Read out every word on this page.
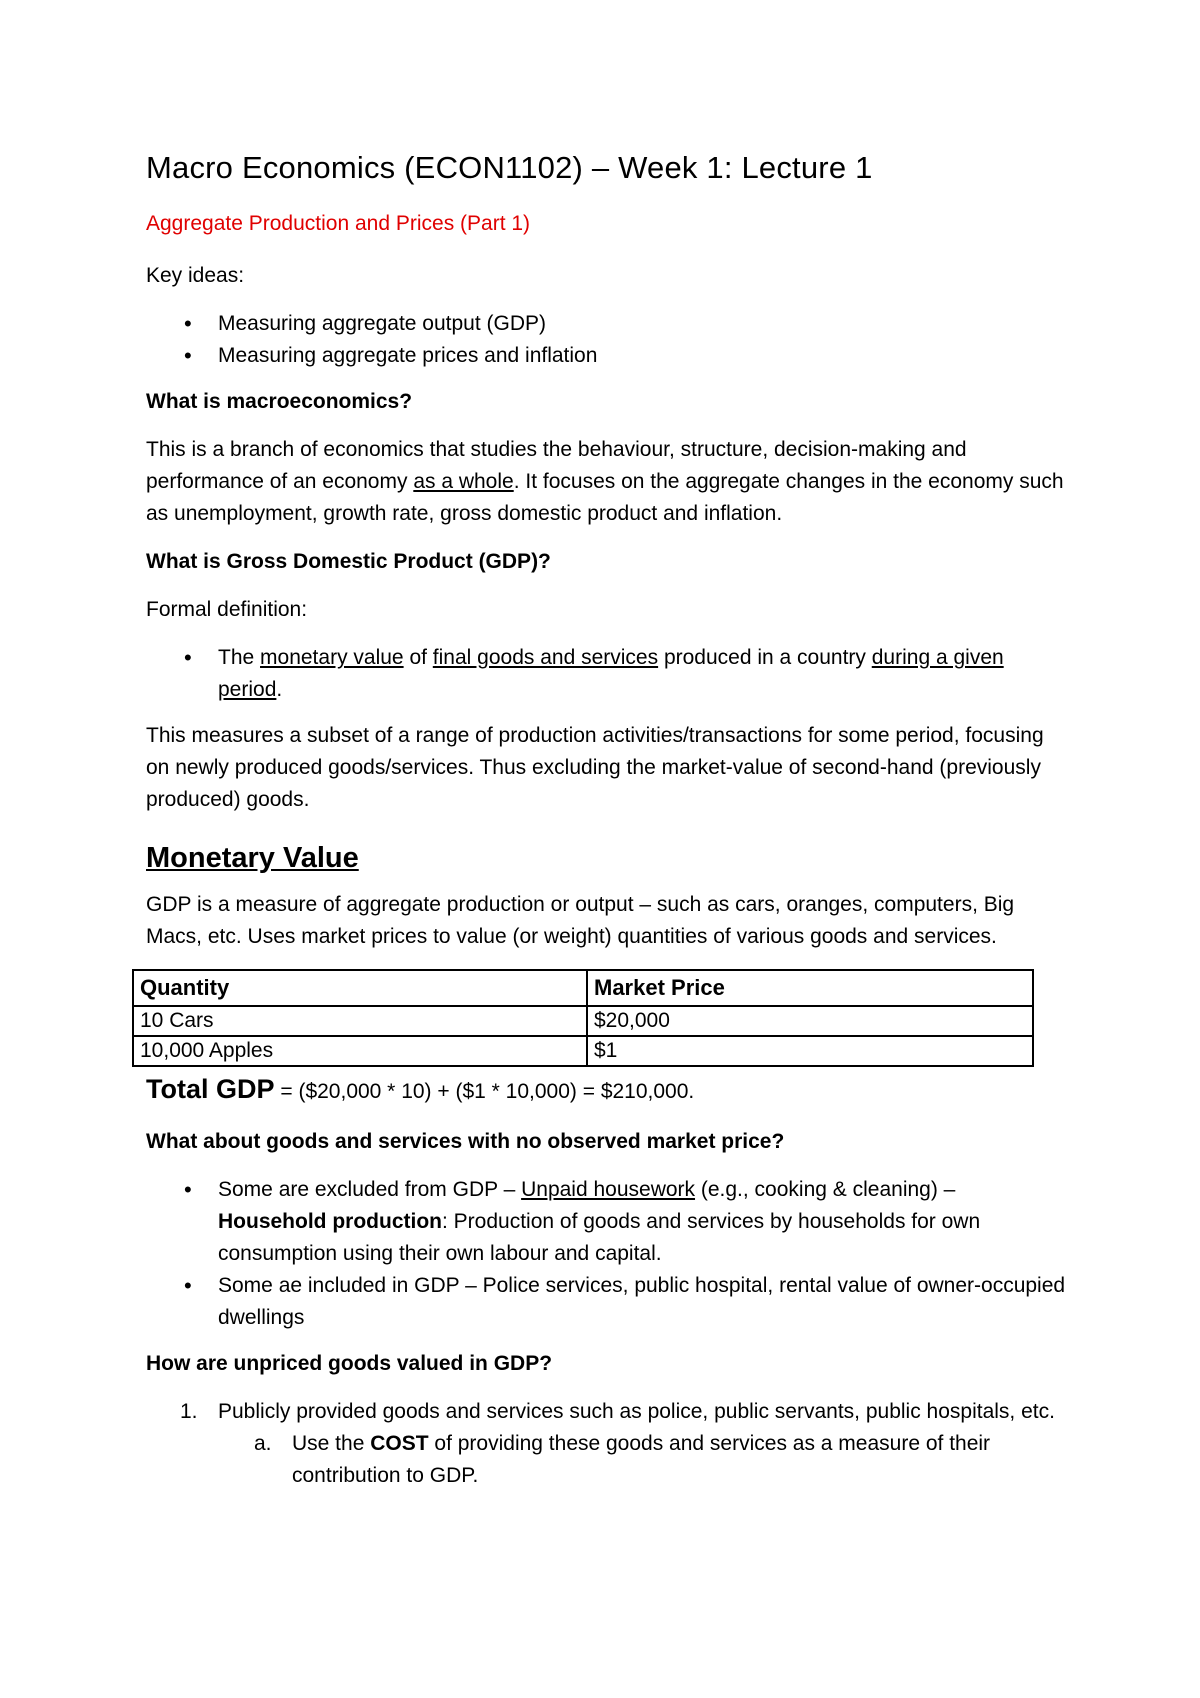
Macro Economics (ECON1102) – Week 1: Lecture 1

Aggregate Production and Prices (Part 1)

Key ideas:

• Measuring aggregate output (GDP)
• Measuring aggregate prices and inflation

What is macroeconomics?

This is a branch of economics that studies the behaviour, structure, decision-making and performance of an economy as a whole. It focuses on the aggregate changes in the economy such as unemployment, growth rate, gross domestic product and inflation.

What is Gross Domestic Product (GDP)?

Formal definition:

• The monetary value of final goods and services produced in a country during a given period.

This measures a subset of a range of production activities/transactions for some period, focusing on newly produced goods/services. Thus excluding the market-value of second-hand (previously produced) goods.

Monetary Value

GDP is a measure of aggregate production or output – such as cars, oranges, computers, Big Macs, etc. Uses market prices to value (or weight) quantities of various goods and services.

Quantity	Market Price
10 Cars	$20,000
10,000 Apples	$1

Total GDP = ($20,000 * 10) + ($1 * 10,000) = $210,000.

What about goods and services with no observed market price?

• Some are excluded from GDP – Unpaid housework (e.g., cooking & cleaning) – Household production: Production of goods and services by households for own consumption using their own labour and capital.
• Some ae included in GDP – Police services, public hospital, rental value of owner-occupied dwellings

How are unpriced goods valued in GDP?

1. Publicly provided goods and services such as police, public servants, public hospitals, etc.
a. Use the COST of providing these goods and services as a measure of their contribution to GDP.
